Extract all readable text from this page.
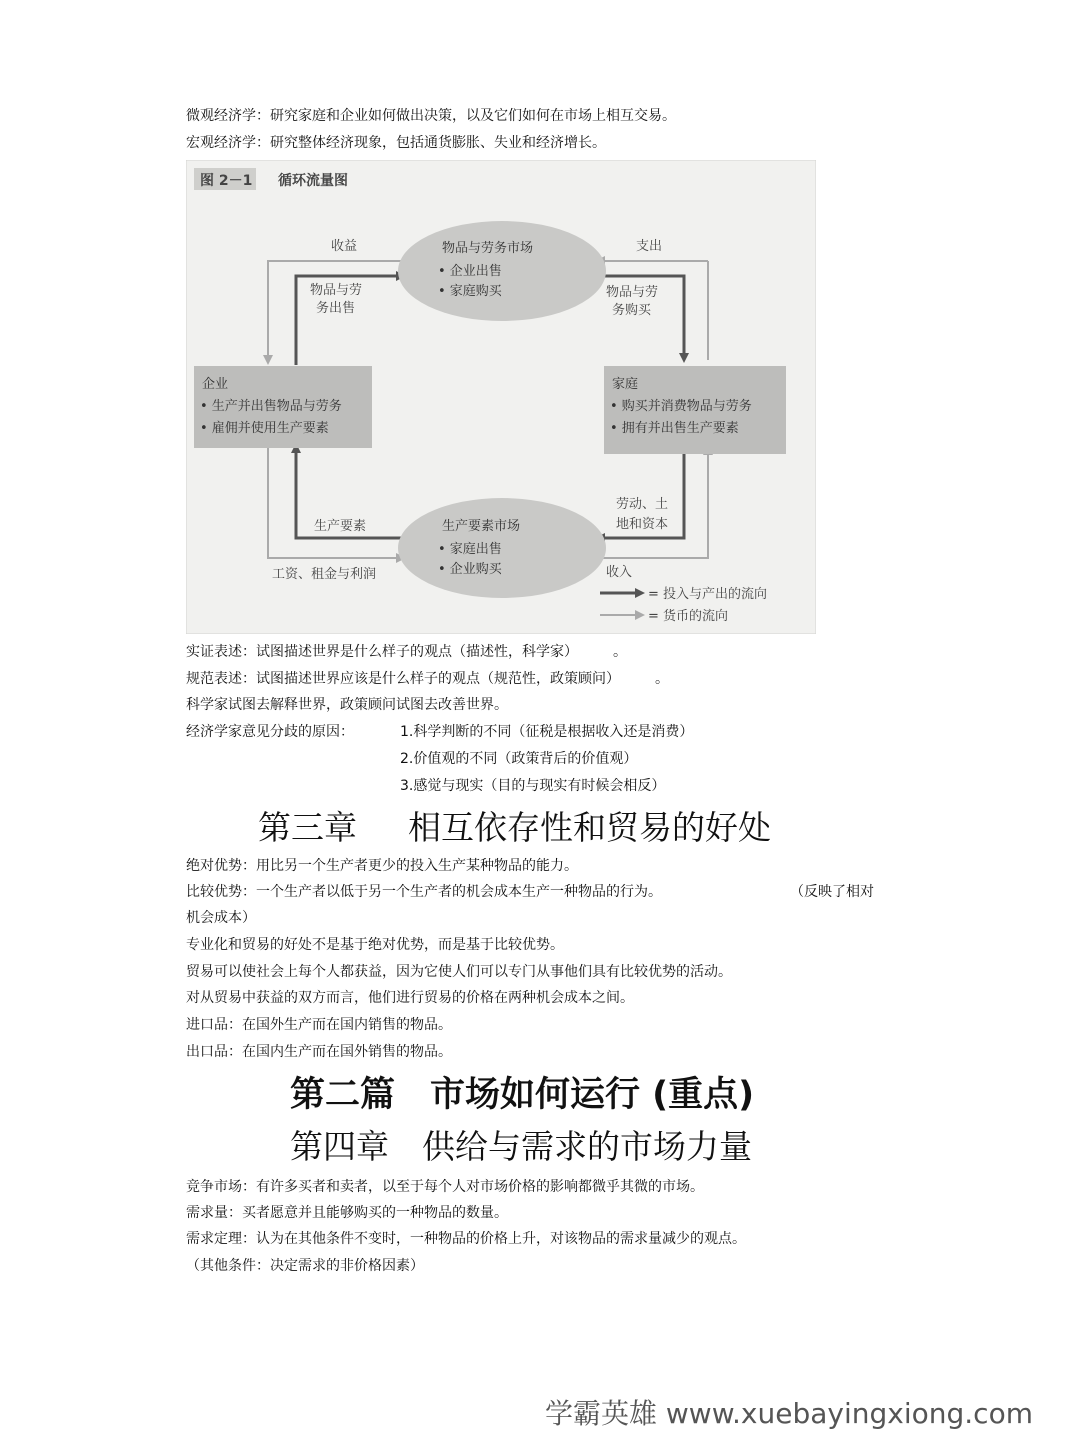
微观经济学：研究家庭和企业如何做出决策，以及它们如何在市场上相互交易。
宏观经济学：研究整体经济现象，包括通货膨胀、失业和经济增长。
图 2－1 循环流量图
物品与劳务市场
• 企业出售
• 家庭购买
生产要素市场
• 家庭出售
• 企业购买
企业
• 生产并出售物品与劳务
• 雇佣并使用生产要素
家庭
• 购买并消费物品与劳务
• 拥有并出售生产要素
收益	支出
物品与劳
务出售
物品与劳
务购买
生产要素
工资、租金与利润
劳动、土
地和资本
收入
= 投入与产出的流向
= 货币的流向
实证表述：试图描述世界是什么样子的观点（描述性，科学家）　　　。
规范表述：试图描述世界应该是什么样子的观点（规范性，政策顾问）　　　。
科学家试图去解释世界，政策顾问试图去改善世界。
经济学家意见分歧的原因：	1.科学判断的不同（征税是根据收入还是消费）
2.价值观的不同（政策背后的价值观）
3.感觉与现实（目的与现实有时候会相反）
第三章 相互依存性和贸易的好处
绝对优势：用比另一个生产者更少的投入生产某种物品的能力。
比较优势：一个生产者以低于另一个生产者的机会成本生产一种物品的行为。	（反映了相对
机会成本）
专业化和贸易的好处不是基于绝对优势，而是基于比较优势。
贸易可以使社会上每个人都获益，因为它使人们可以专门从事他们具有比较优势的活动。
对从贸易中获益的双方而言，他们进行贸易的价格在两种机会成本之间。
进口品：在国外生产而在国内销售的物品。
出口品：在国内生产而在国外销售的物品。
第二篇　市场如何运行 (重点)
第四章　供给与需求的市场力量
竞争市场：有许多买者和卖者，以至于每个人对市场价格的影响都微乎其微的市场。
需求量：买者愿意并且能够购买的一种物品的数量。
需求定理：认为在其他条件不变时，一种物品的价格上升，对该物品的需求量减少的观点。
（其他条件：决定需求的非价格因素）
学霸英雄 www.xuebayingxiong.com
